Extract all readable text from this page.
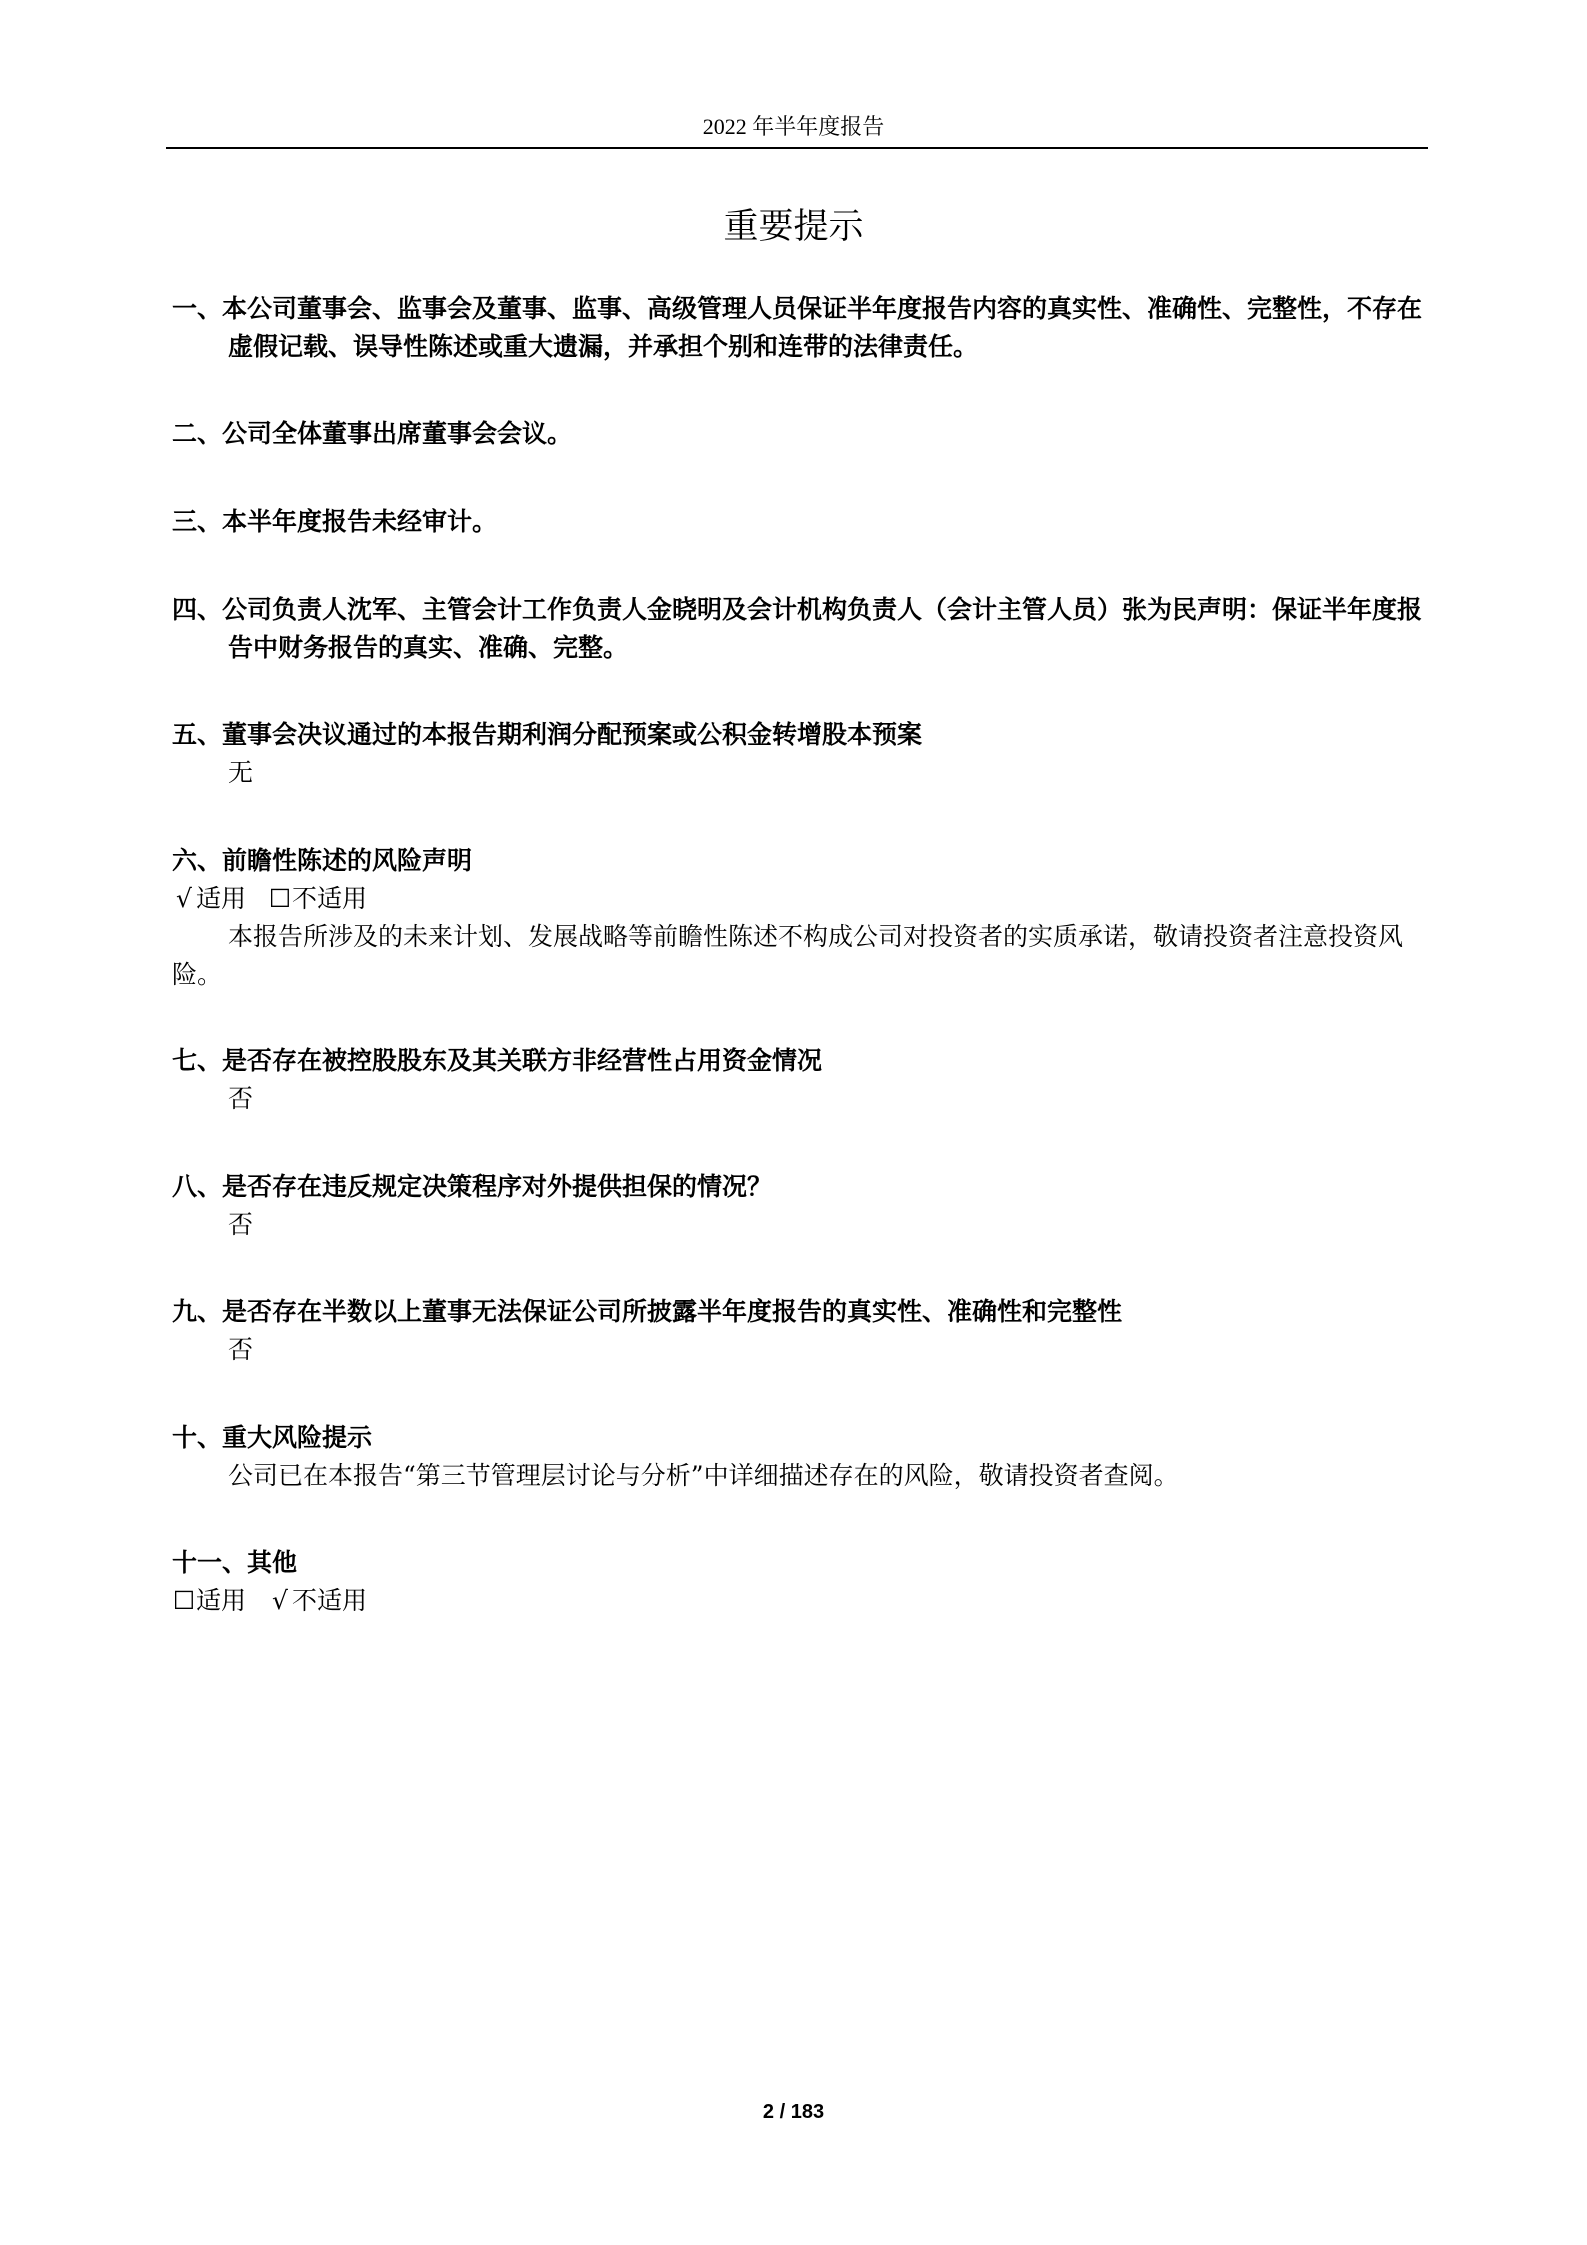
2022 年半年度报告
重要提示

一、本公司董事会、监事会及董事、监事、高级管理人员保证半年度报告内容的真实性、准确性、完整性，不存在虚假记载、误导性陈述或重大遗漏，并承担个别和连带的法律责任。

二、公司全体董事出席董事会会议。

三、本半年度报告未经审计。

四、公司负责人沈军、主管会计工作负责人金晓明及会计机构负责人（会计主管人员）张为民声明：保证半年度报告中财务报告的真实、准确、完整。

五、董事会决议通过的本报告期利润分配预案或公积金转增股本预案

无

六、前瞻性陈述的风险声明

√ 适用 ☐不适用

本报告所涉及的未来计划、发展战略等前瞻性陈述不构成公司对投资者的实质承诺，敬请投资者注意投资风险。

七、是否存在被控股股东及其关联方非经营性占用资金情况

否

八、是否存在违反规定决策程序对外提供担保的情况？

否

九、是否存在半数以上董事无法保证公司所披露半年度报告的真实性、准确性和完整性

否

十、重大风险提示

公司已在本报告“第三节管理层讨论与分析”中详细描述存在的风险，敬请投资者查阅。

十一、其他

☐适用 √ 不适用

2 / 183
